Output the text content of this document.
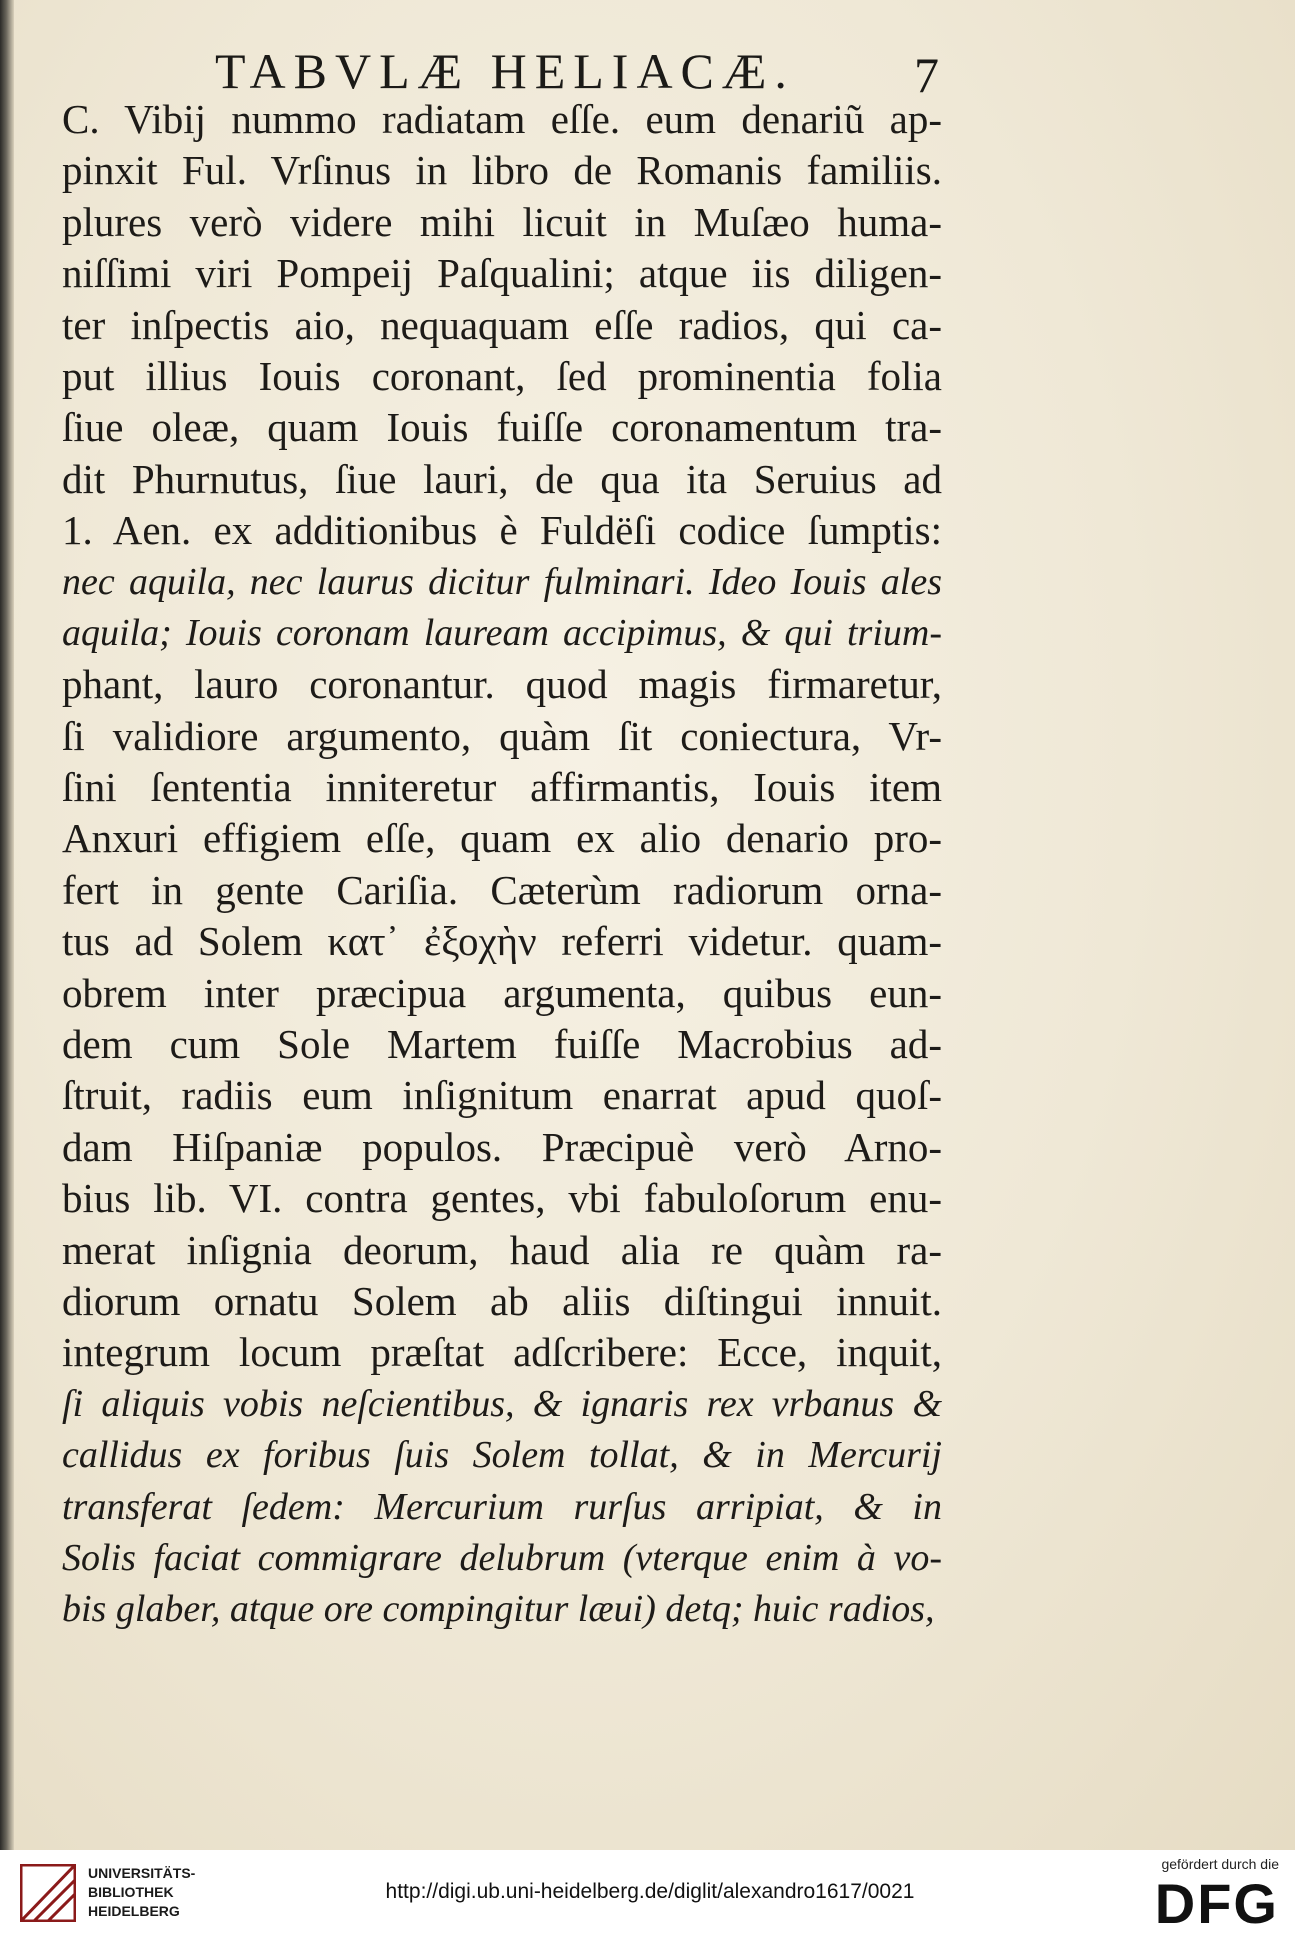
TABVLÆ HELIACÆ. 7
C. Vibij nummo radiatam eſſe. eum denariũ ap-
pinxit Ful. Vrſinus in libro de Romanis familiis.
plures verò videre mihi licuit in Muſæo huma-
niſſimi viri Pompeij Paſqualini; atque iis diligen-
ter inſpectis aio, nequaquam eſſe radios, qui ca-
put illius Iouis coronant, ſed prominentia folia
ſiue oleæ, quam Iouis fuiſſe coronamentum tra-
dit Phurnutus, ſiue lauri, de qua ita Seruius ad
1. Aen. ex additionibus è Fuldëſi codice ſumptis:
nec aquila, nec laurus dicitur fulminari. Ideo Iouis ales
aquila; Iouis coronam lauream accipimus, & qui trium-
phant, lauro coronantur. quod magis firmaretur,
ſi validiore argumento, quàm ſit coniectura, Vr-
ſini ſententia inniteretur affirmantis, Iouis item
Anxuri effigiem eſſe, quam ex alio denario pro-
fert in gente Cariſia. Cæterùm radiorum orna-
tus ad Solem κατ᾽ ἐξοχὴν referri videtur. quam-
obrem inter præcipua argumenta, quibus eun-
dem cum Sole Martem fuiſſe Macrobius ad-
ſtruit, radiis eum inſignitum enarrat apud quoſ-
dam Hiſpaniæ populos. Præcipuè verò Arno-
bius lib. VI. contra gentes, vbi fabuloſorum enu-
merat inſignia deorum, haud alia re quàm ra-
diorum ornatu Solem ab aliis diſtingui innuit.
integrum locum præſtat adſcribere: Ecce, inquit,
ſi aliquis vobis neſcientibus, & ignaris rex vrbanus &
callidus ex foribus ſuis Solem tollat, & in Mercurij
transferat ſedem: Mercurium rurſus arripiat, & in
Solis faciat commigrare delubrum (vterque enim à vo-
bis glaber, atque ore compingitur læui) detq; huic radios,
UNIVERSITÄTS-
BIBLIOTHEK
HEIDELBERG
http://digi.ub.uni-heidelberg.de/diglit/alexandro1617/0021
gefördert durch die
DFG
